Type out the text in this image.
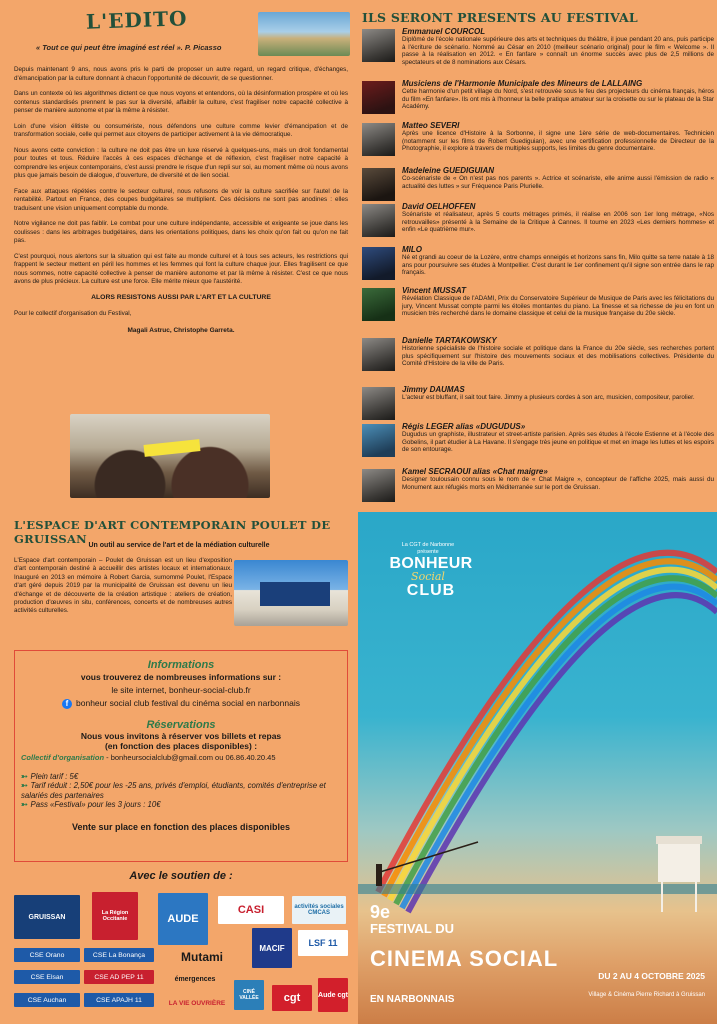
L'EDITO
« Tout ce qui peut être imaginé est réel ». P. Picasso

Depuis maintenant 9 ans, nous avons pris le parti de proposer un autre regard, un regard critique, d'échanges, d'émancipation par la culture donnant à chacun l'opportunité de découvrir, de se questionner.

Dans un contexte où les algorithmes dictent ce que nous voyons et entendons, où la désinformation prospère et où les contenus standardisés prennent le pas sur la diversité, affaiblir la culture, c'est fragiliser notre capacité collective à penser de manière autonome et par là même à résister.

Loin d'une vision élitiste ou consumériste, nous défendons une culture comme levier d'émancipation et de transformation sociale, celle qui permet aux citoyens de participer activement à la vie démocratique.

Nous avons cette conviction : la culture ne doit pas être un luxe réservé à quelques-uns, mais un droit fondamental pour toutes et tous. Réduire l'accès à ces espaces d'échange et de réflexion, c'est fragiliser notre capacité à comprendre les enjeux contemporains, c'est aussi prendre le risque d'un repli sur soi, au moment même où nous avons plus que jamais besoin de dialogue, d'ouverture, de diversité et de lien social.

Face aux attaques répétées contre le secteur culturel, nous refusons de voir la culture sacrifiée sur l'autel de la rentabilité. Partout en France, des coupes budgétaires se multiplient. Ces décisions ne sont pas anodines : elles traduisent une vision uniquement comptable du monde.

Notre vigilance ne doit pas faiblir. Le combat pour une culture indépendante, accessible et exigeante se joue dans les coulisses : dans les arbitrages budgétaires, dans les orientations politiques, dans les choix qu'on fait ou qu'on ne fait pas.

C'est pourquoi, nous alertons sur la situation qui est faite au monde culturel et à tous ses acteurs, les restrictions qui frappent le secteur mettent en péril les hommes et les femmes qui font la culture chaque jour. Elles fragilisent ce que nous sommes, notre capacité collective à penser de manière autonome et par là même à résister. C'est ce que nous avons de plus précieux. La culture est une force. Elle mérite mieux que l'austérité.

ALORS RESISTONS AUSSI PAR L'ART ET LA CULTURE
Pour le collectif d'organisation du Festival,
Magali Astruc, Christophe Garreta.
L'ESPACE D'ART CONTEMPORAIN POULET DE GRUISSAN Un outil au service de l'art et de la médiation culturelle
L'Espace d'art contemporain – Poulet de Gruissan est un lieu d'exposition d'art contemporain destiné à accueillir des artistes locaux et internationaux. Inauguré en 2013 en mémoire à Robert Garcia, surnommé Poulet, l'Espace d'art géré depuis 2019 par la municipalité de Gruissan est devenu un lieu d'échange et de découverte de la création artistique : ateliers de création, production d'œuvres in situ, conférences, concerts et de nombreuses autres activités culturelles.
Informations
vous trouverez de nombreuses informations sur :
le site internet, bonheur-social-club.fr
f bonheur social club festival du cinéma social en narbonnais
Réservations
Nous vous invitons à réserver vos billets et repas
(en fonction des places disponibles) :
Collectif d'organisation - bonheursocialclub@gmail.com ou 06.86.40.20.45
➳ Plein tarif : 5€
➳ Tarif réduit : 2,50€ pour les -25 ans, privés d'emploi, étudiants, comités d'entreprise et salariés des partenaires
➳ Pass «Festival» pour les 3 jours : 10€
Vente sur place en fonction des places disponibles
Avec le soutien de :
GRUISSAN
La Région Occitanie	AUDE
CASI	activités sociales CMCAS
CSE Orano	CSE La Bonança
MACIF	LSF 11
CSE Elsan	CSE AD PEP 11
Mutami
émergences
CSE Auchan	CSE APAJH 11	LA VIE OUVRIÈRE
CINÉ VALLÉE	cgt	Aude cgt
ILS SERONT PRESENTS AU FESTIVAL
Emmanuel COURCOL
Diplômé de l'école nationale supérieure des arts et techniques du théâtre, il joue pendant 20 ans, puis participe à l'écriture de scénario. Nommé au César en 2010 (meilleur scénario original) pour le film « Welcome ». Il passe à la réalisation en 2012. « En fanfare » connaît un énorme succès avec plus de 2,5 millions de spectateurs et de 8 nominations aux Césars.
Musiciens de l'Harmonie Municipale des Mineurs de LALLAING
Cette harmonie d'un petit village du Nord, s'est retrouvée sous le feu des projecteurs du cinéma français, héros du film «En fanfare». Ils ont mis à l'honneur la belle pratique amateur sur la croisette ou sur le plateau de la Star Académy.
Matteo SEVERI
Après une licence d'Histoire à la Sorbonne, il signe une 1ère série de web-documentaires. Technicien (notamment sur les films de Robert Guediguian), avec une certification professionnelle de Directeur de la Photographie, il explore à travers de multiples supports, les limites du genre documentaire.
Madeleine GUEDIGUIAN
Co-scénariste de « On n'est pas nos parents ». Actrice et scénariste, elle anime aussi l'émission de radio « actualité des luttes » sur Fréquence Paris Plurielle.
David OELHOFFEN
Scénariste et réalisateur, après 5 courts métrages primés, il réalise en 2006 son 1er long métrage, «Nos retrouvailles» présenté à la Semaine de la Critique à Cannes. Il tourne en 2023 «Les derniers hommes» et enfin «Le quatrième mur».
MILO
Né et grandi au coeur de la Lozère, entre champs enneigés et horizons sans fin, Milo quitte sa terre natale à 18 ans pour poursuivre ses études à Montpellier. C'est durant le 1er confinement qu'il signe son entrée dans le rap français.
Vincent MUSSAT
Révélation Classique de l'ADAMI, Prix du Conservatoire Supérieur de Musique de Paris avec les félicitations du jury, Vincent Mussat compte parmi les étoiles montantes du piano. La finesse et sa richesse de jeu en font un musicien très recherché dans le domaine classique et celui de la musique française du 20e siècle.
Danielle TARTAKOWSKY
Historienne spécialiste de l'histoire sociale et politique dans la France du 20e siècle, ses recherches portent plus spécifiquement sur l'histoire des mouvements sociaux et des mobilisations collectives. Présidente du Comité d'Histoire de la ville de Paris.
Jimmy DAUMAS
L'acteur est bluffant, il sait tout faire. Jimmy a plusieurs cordes à son arc, musicien, compositeur, parolier.
Régis LEGER alias «DUGUDUS»
Dugudus un graphiste, illustrateur et street-artiste parisien. Après ses études à l'école Estienne et à l'école des Gobelins, il part étudier à La Havane. Il s'engage très jeune en politique et met en image les luttes et les espoirs de son entourage.
Kamel SECRAOUI alias «Chat maigre»
Designer toulousain connu sous le nom de « Chat Maigre », concepteur de l'affiche 2025, mais aussi du Monument aux réfugiés morts en Méditerranée sur le port de Gruissan.
La CGT de Narbonne
présente
BONHEUR
Social
CLUB
9e
FESTIVAL DU
CINEMA SOCIAL
EN NARBONNAIS
DU 2 AU 4 OCTOBRE 2025
Village & Cinéma Pierre Richard à Gruissan
